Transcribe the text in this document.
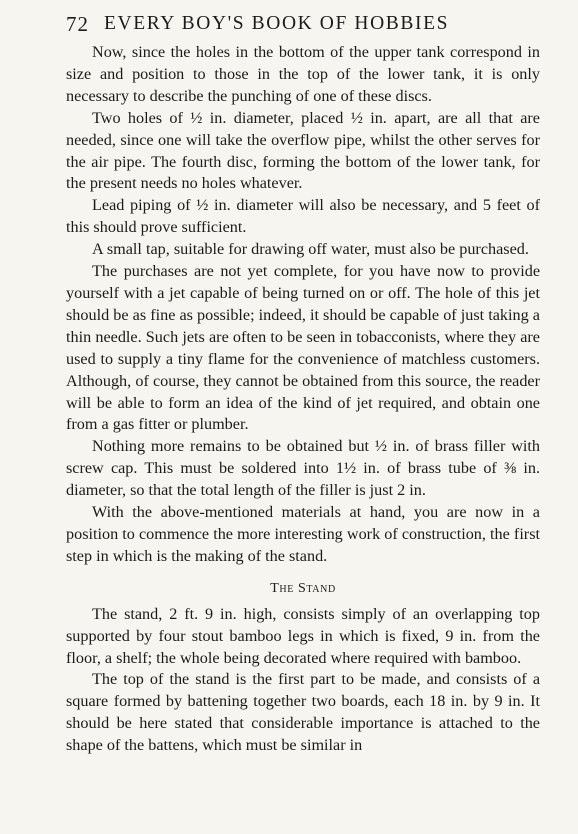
72 EVERY BOY'S BOOK OF HOBBIES

Now, since the holes in the bottom of the upper tank correspond in size and position to those in the top of the lower tank, it is only necessary to describe the punching of one of these discs.

Two holes of ½ in. diameter, placed ½ in. apart, are all that are needed, since one will take the overflow pipe, whilst the other serves for the air pipe. The fourth disc, forming the bottom of the lower tank, for the present needs no holes whatever.

Lead piping of ½ in. diameter will also be necessary, and 5 feet of this should prove sufficient.

A small tap, suitable for drawing off water, must also be purchased.

The purchases are not yet complete, for you have now to provide yourself with a jet capable of being turned on or off. The hole of this jet should be as fine as possible; indeed, it should be capable of just taking a thin needle. Such jets are often to be seen in tobacconists, where they are used to supply a tiny flame for the convenience of matchless customers. Although, of course, they cannot be obtained from this source, the reader will be able to form an idea of the kind of jet required, and obtain one from a gas fitter or plumber.

Nothing more remains to be obtained but ½ in. of brass filler with screw cap. This must be soldered into 1½ in. of brass tube of ⅜ in. diameter, so that the total length of the filler is just 2 in.

With the above-mentioned materials at hand, you are now in a position to commence the more interesting work of construction, the first step in which is the making of the stand.

The Stand

The stand, 2 ft. 9 in. high, consists simply of an overlapping top supported by four stout bamboo legs in which is fixed, 9 in. from the floor, a shelf; the whole being decorated where required with bamboo.

The top of the stand is the first part to be made, and consists of a square formed by battening together two boards, each 18 in. by 9 in. It should be here stated that considerable importance is attached to the shape of the battens, which must be similar in
